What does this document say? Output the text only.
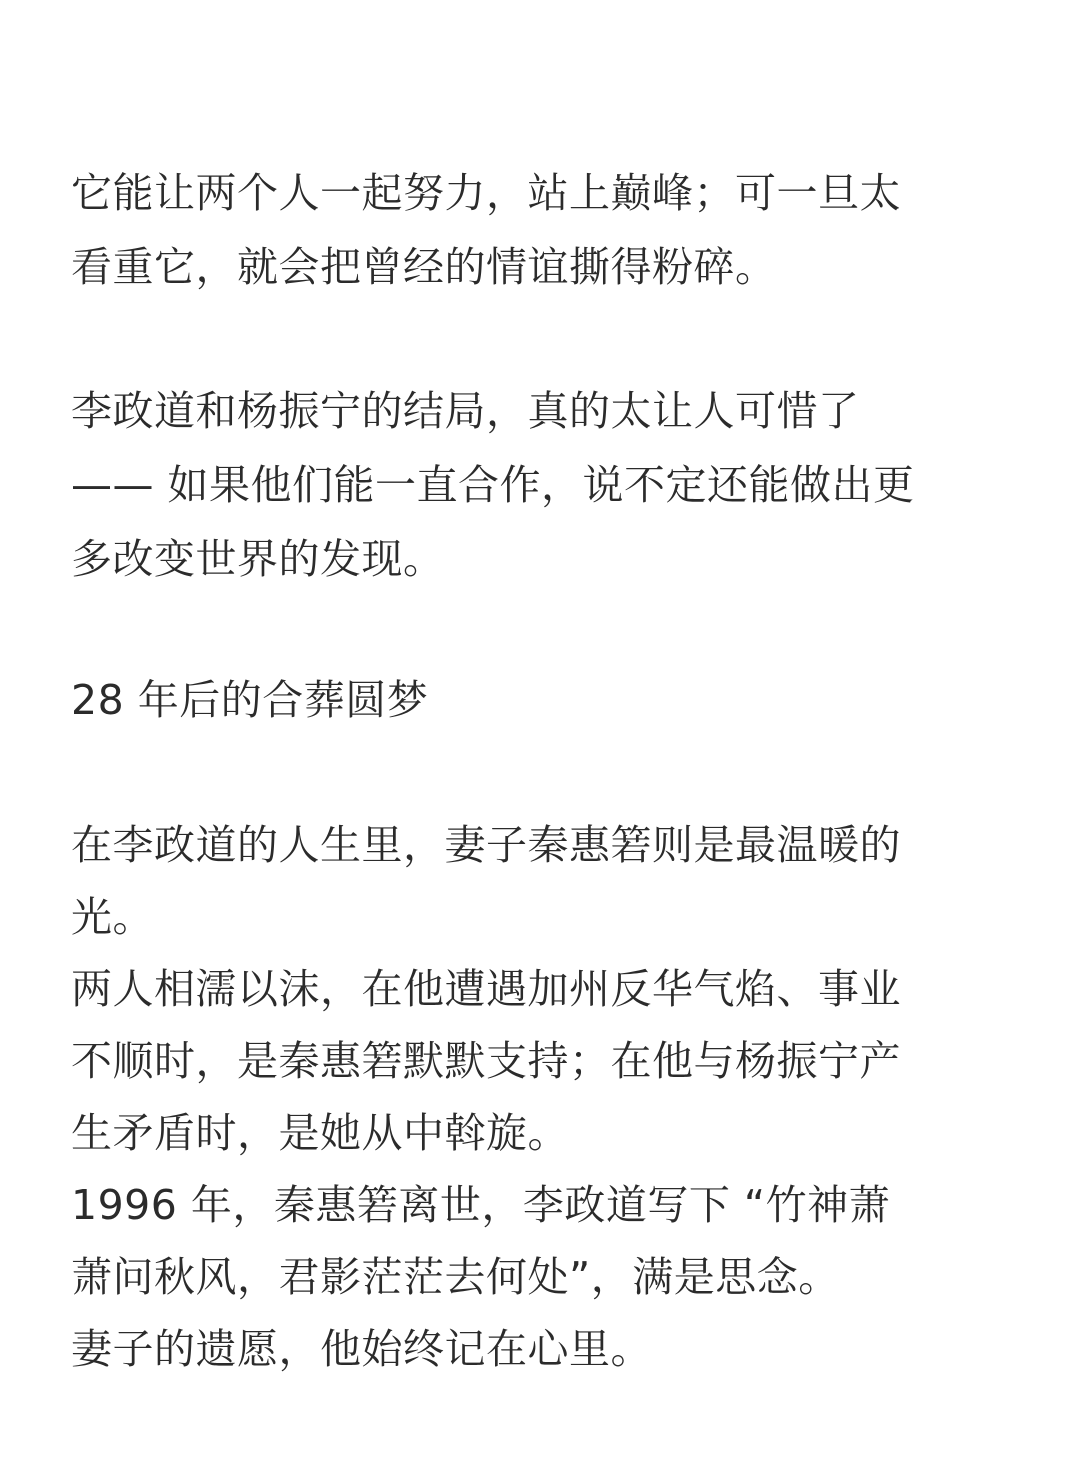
它能让两个人一起努力，站上巅峰；可一旦太
看重它，就会把曾经的情谊撕得粉碎。
李政道和杨振宁的结局，真的太让人可惜了
—— 如果他们能一直合作，说不定还能做出更
多改变世界的发现。
28 年后的合葬圆梦
在李政道的人生里，妻子秦惠箬则是最温暖的
光。
两人相濡以沫，在他遭遇加州反华气焰、事业
不顺时，是秦惠箬默默支持；在他与杨振宁产
生矛盾时，是她从中斡旋。
1996 年，秦惠箬离世，李政道写下 “竹神萧
萧问秋风，君影茫茫去何处”，满是思念。
妻子的遗愿，他始终记在心里。
